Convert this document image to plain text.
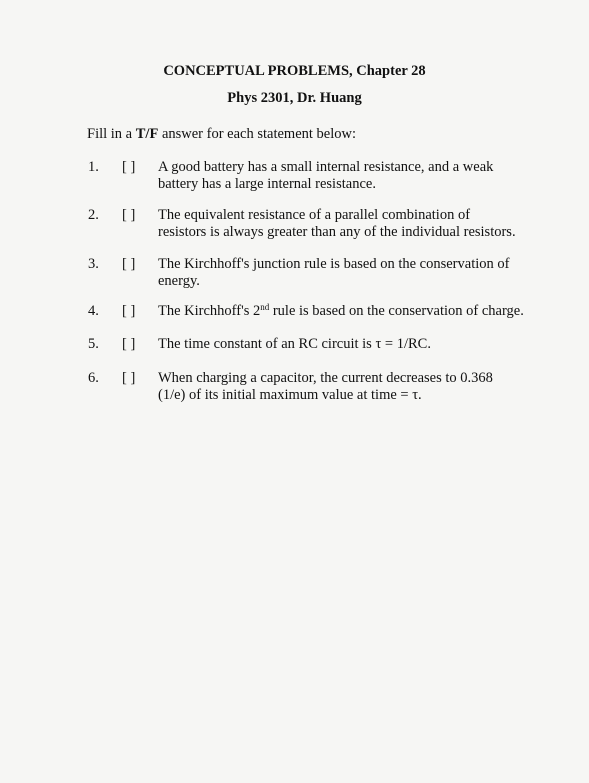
CONCEPTUAL PROBLEMS, Chapter 28
Phys 2301, Dr. Huang
Fill in a T/F answer for each statement below:
1. [ ] A good battery has a small internal resistance, and a weak battery has a large internal resistance.
2. [ ] The equivalent resistance of a parallel combination of resistors is always greater than any of the individual resistors.
3. [ ] The Kirchhoff's junction rule is based on the conservation of energy.
4. [ ] The Kirchhoff's 2nd rule is based on the conservation of charge.
5. [ ] The time constant of an RC circuit is τ = 1/RC.
6. [ ] When charging a capacitor, the current decreases to 0.368 (1/e) of its initial maximum value at time = τ.
